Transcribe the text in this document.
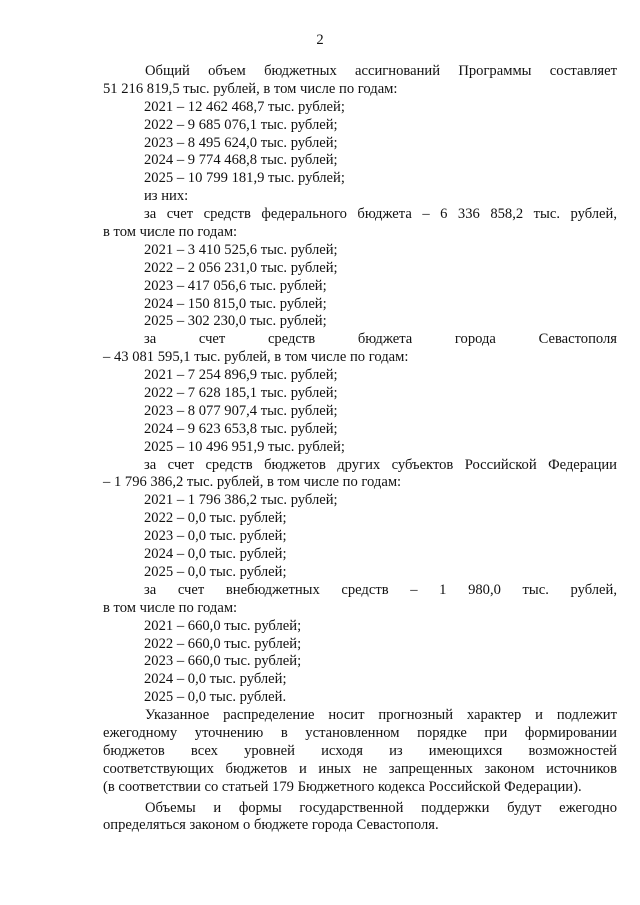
2
Общий объем бюджетных ассигнований Программы составляет
51 216 819,5 тыс. рублей, в том числе по годам:
2021 – 12 462 468,7 тыс. рублей;
2022 – 9 685 076,1 тыс. рублей;
2023 – 8 495 624,0 тыс. рублей;
2024 – 9 774 468,8 тыс. рублей;
2025 – 10 799 181,9 тыс. рублей;
из них:
за счет средств федерального бюджета – 6 336 858,2 тыс. рублей,
в том числе по годам:
2021 – 3 410 525,6 тыс. рублей;
2022 – 2 056 231,0 тыс. рублей;
2023 – 417 056,6 тыс. рублей;
2024 – 150 815,0 тыс. рублей;
2025 – 302 230,0 тыс. рублей;
за счет средств бюджета города Севастополя
– 43 081 595,1 тыс. рублей, в том числе по годам:
2021 – 7 254 896,9 тыс. рублей;
2022 – 7 628 185,1 тыс. рублей;
2023 – 8 077 907,4 тыс. рублей;
2024 – 9 623 653,8 тыс. рублей;
2025 – 10 496 951,9 тыс. рублей;
за счет средств бюджетов других субъектов Российской Федерации
– 1 796 386,2 тыс. рублей, в том числе по годам:
2021 – 1 796 386,2 тыс. рублей;
2022 – 0,0 тыс. рублей;
2023 – 0,0 тыс. рублей;
2024 – 0,0 тыс. рублей;
2025 – 0,0 тыс. рублей;
за счет внебюджетных средств – 1 980,0 тыс. рублей,
в том числе по годам:
2021 – 660,0 тыс. рублей;
2022 – 660,0 тыс. рублей;
2023 – 660,0 тыс. рублей;
2024 – 0,0 тыс. рублей;
2025 – 0,0 тыс. рублей.
Указанное распределение носит прогнозный характер и подлежит
ежегодному уточнению в установленном порядке при формировании
бюджетов всех уровней исходя из имеющихся возможностей
соответствующих бюджетов и иных не запрещенных законом источников
(в соответствии со статьей 179 Бюджетного кодекса Российской Федерации).
Объемы и формы государственной поддержки будут ежегодно
определяться законом о бюджете города Севастополя.
